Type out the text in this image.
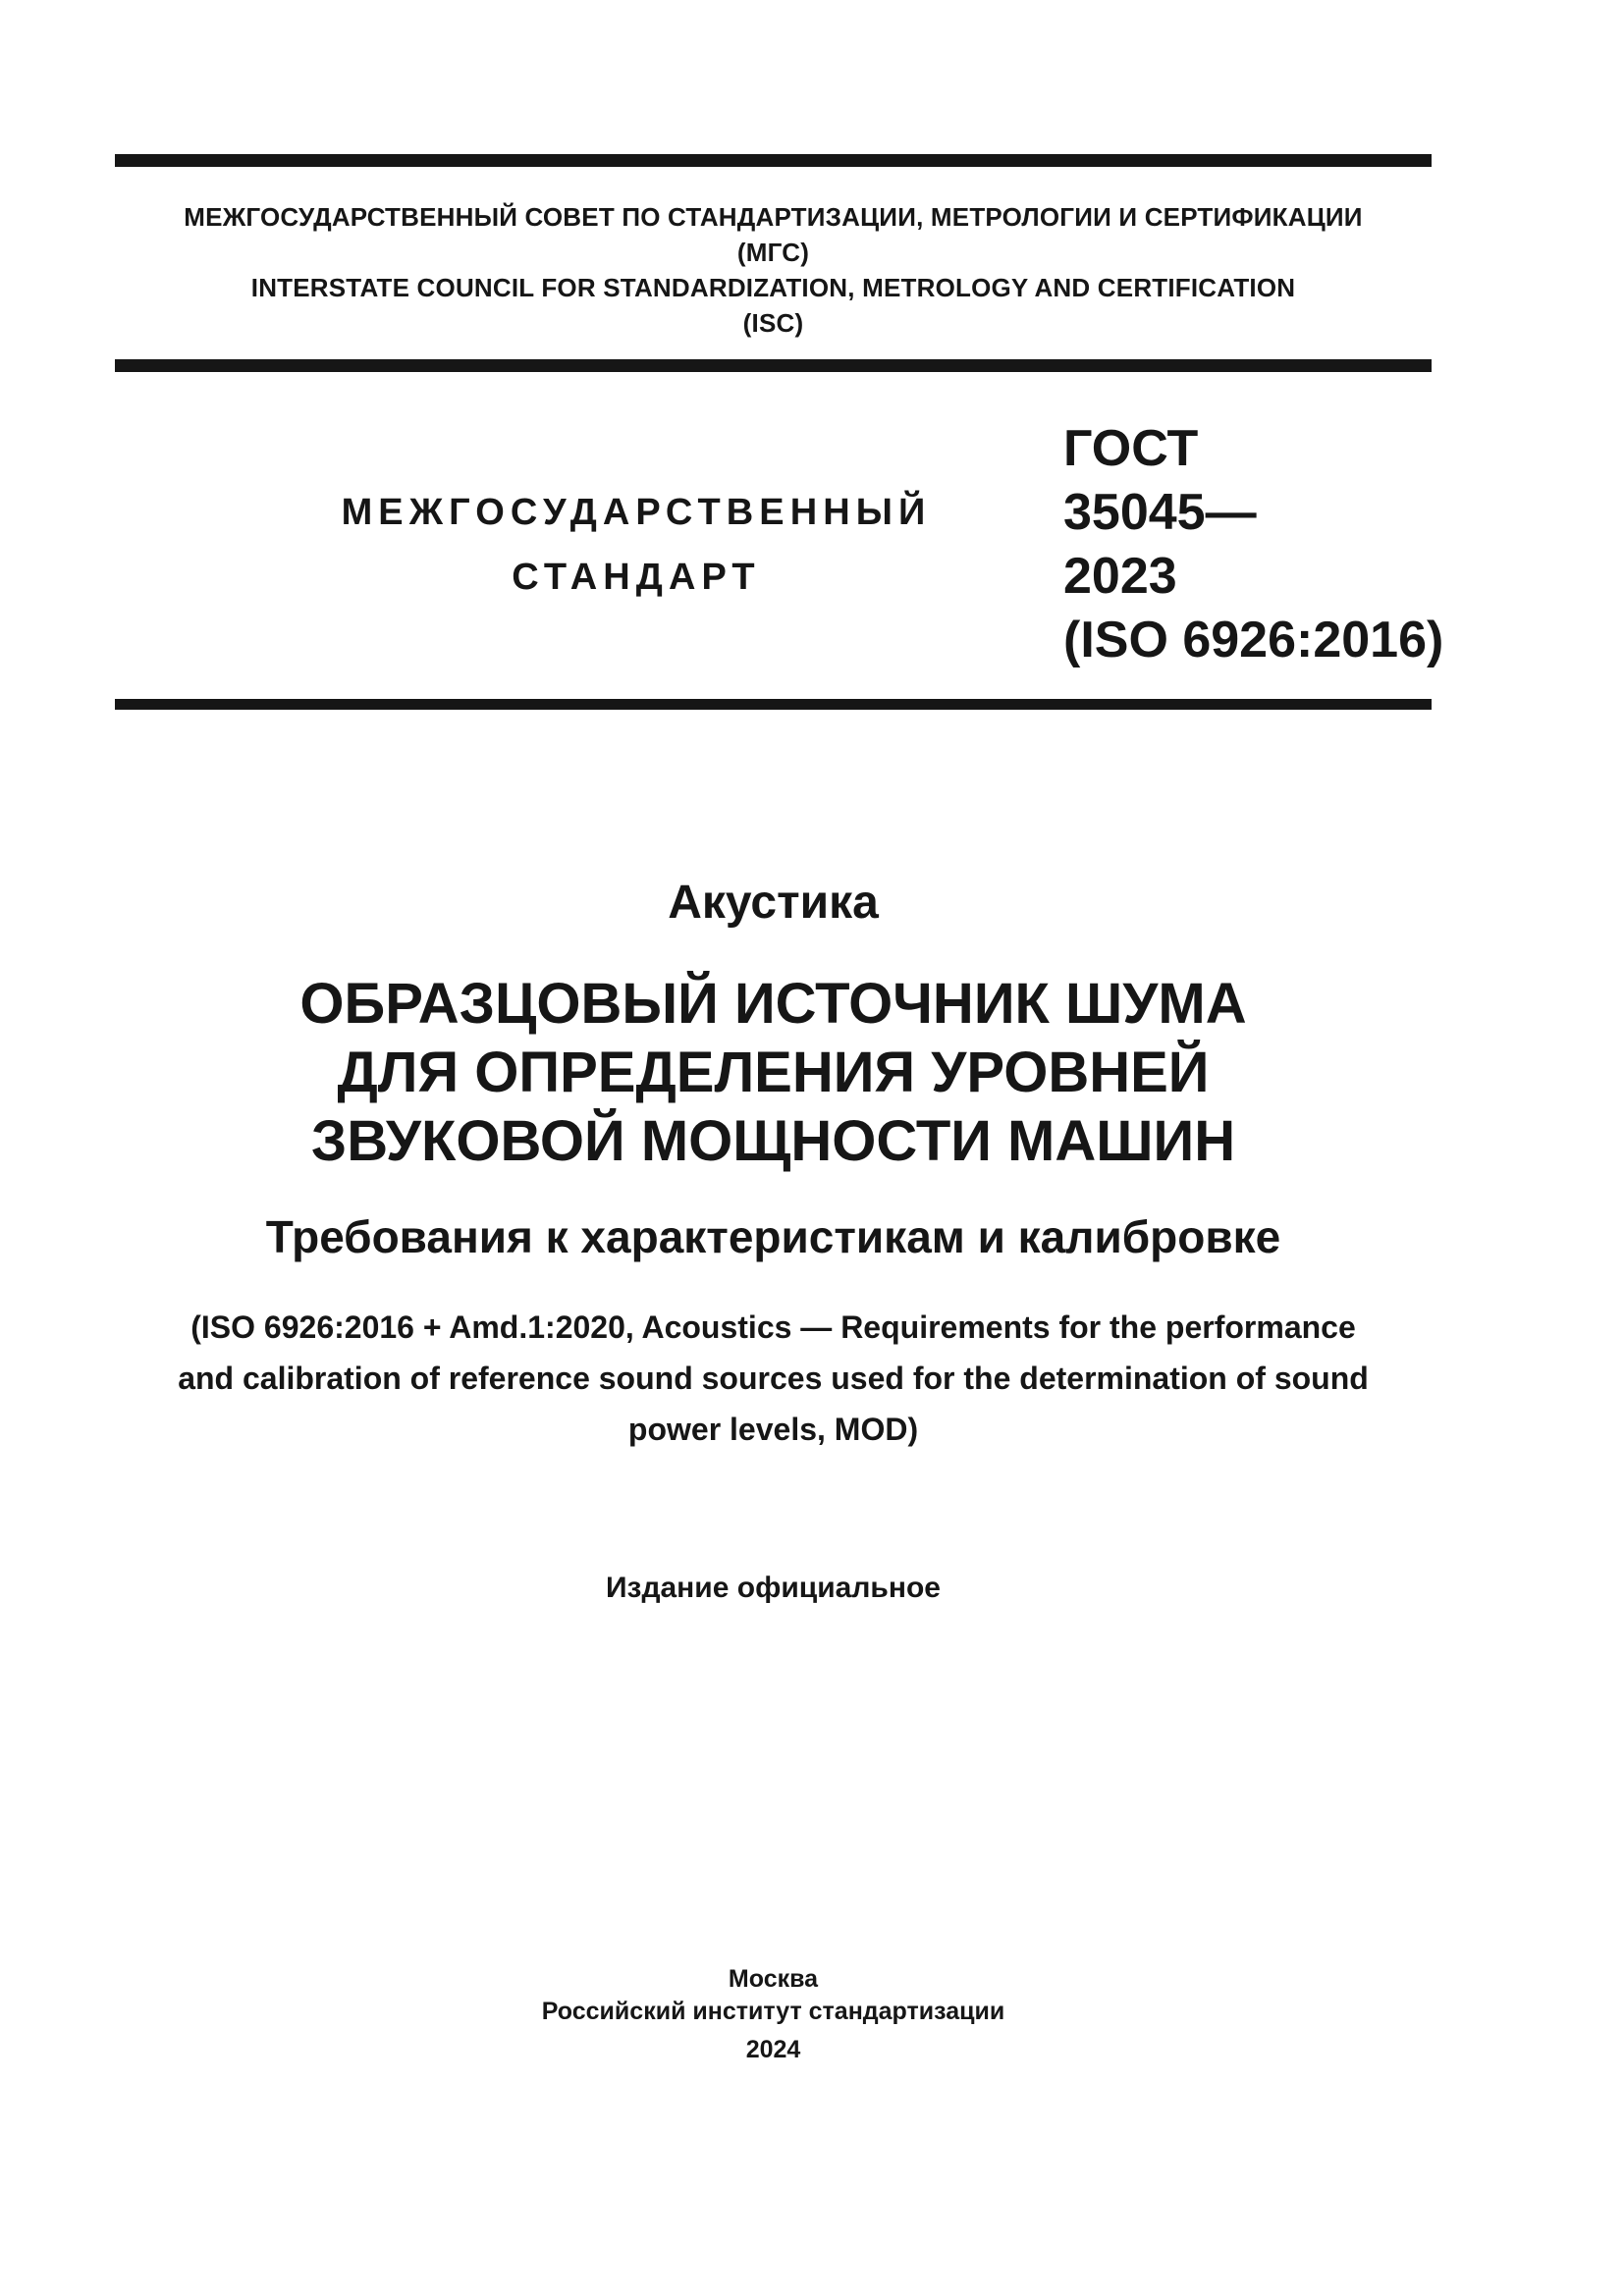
МЕЖГОСУДАРСТВЕННЫЙ СОВЕТ ПО СТАНДАРТИЗАЦИИ, МЕТРОЛОГИИ И СЕРТИФИКАЦИИ
(МГС)
INTERSTATE COUNCIL FOR STANDARDIZATION, METROLOGY AND CERTIFICATION
(ISC)
МЕЖГОСУДАРСТВЕННЫЙ
СТАНДАРТ
ГОСТ
35045—
2023
(ISO 6926:2016)
Акустика
ОБРАЗЦОВЫЙ ИСТОЧНИК ШУМА
ДЛЯ ОПРЕДЕЛЕНИЯ УРОВНЕЙ
ЗВУКОВОЙ МОЩНОСТИ МАШИН
Требования к характеристикам и калибровке

(ISO 6926:2016 + Amd.1:2020, Acoustics — Requirements for the performance
and calibration of reference sound sources used for the determination of sound
power levels, MOD)

Издание официальное

Москва
Российский институт стандартизации
2024
